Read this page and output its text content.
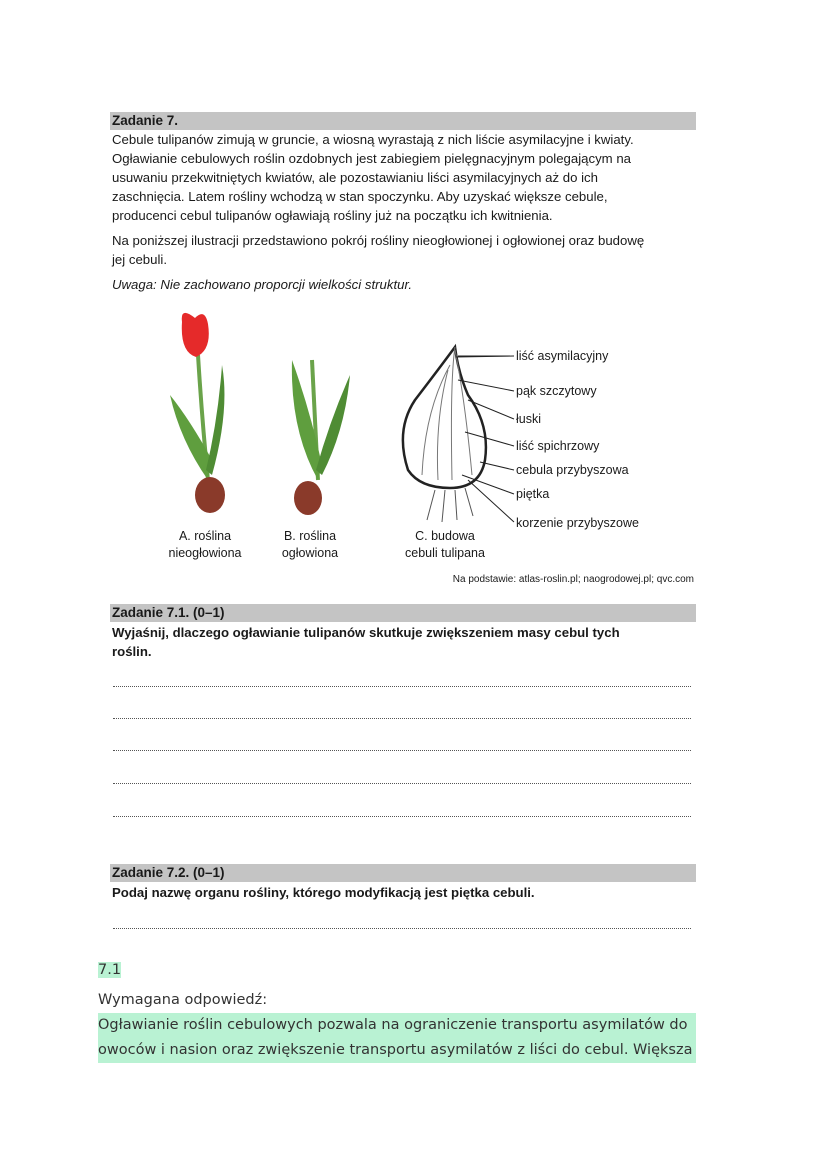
Zadanie 7.
Cebule tulipanów zimują w gruncie, a wiosną wyrastają z nich liście asymilacyjne i kwiaty.
Ogławianie cebulowych roślin ozdobnych jest zabiegiem pielęgnacyjnym polegającym na
usuwaniu przekwitniętych kwiatów, ale pozostawianiu liści asymilacyjnych aż do ich
zaschnięcia. Latem rośliny wchodzą w stan spoczynku. Aby uzyskać większe cebule,
producenci cebul tulipanów ogławiają rośliny już na początku ich kwitnienia.
Na poniższej ilustracji przedstawiono pokrój rośliny nieogłowionej i ogłowionej oraz budowę
jej cebuli.
Uwaga: Nie zachowano proporcji wielkości struktur.
liść asymilacyjny
pąk szczytowy
łuski
liść spichrzowy
cebula przybyszowa
piętka
korzenie przybyszowe
A. roślina
nieogłowiona
B. roślina
ogłowiona
C. budowa
cebuli tulipana
Na podstawie: atlas-roslin.pl; naogrodowej.pl; qvc.com
Zadanie 7.1. (0–1)
Wyjaśnij, dlaczego ogławianie tulipanów skutkuje zwiększeniem masy cebul tych
roślin.
Zadanie 7.2. (0–1)
Podaj nazwę organu rośliny, którego modyfikacją jest piętka cebuli.
7.1
Wymagana odpowiedź:
Ogławianie roślin cebulowych pozwala na ograniczenie transportu asymilatów do
owoców i nasion oraz zwiększenie transportu asymilatów z liści do cebul. Większa
